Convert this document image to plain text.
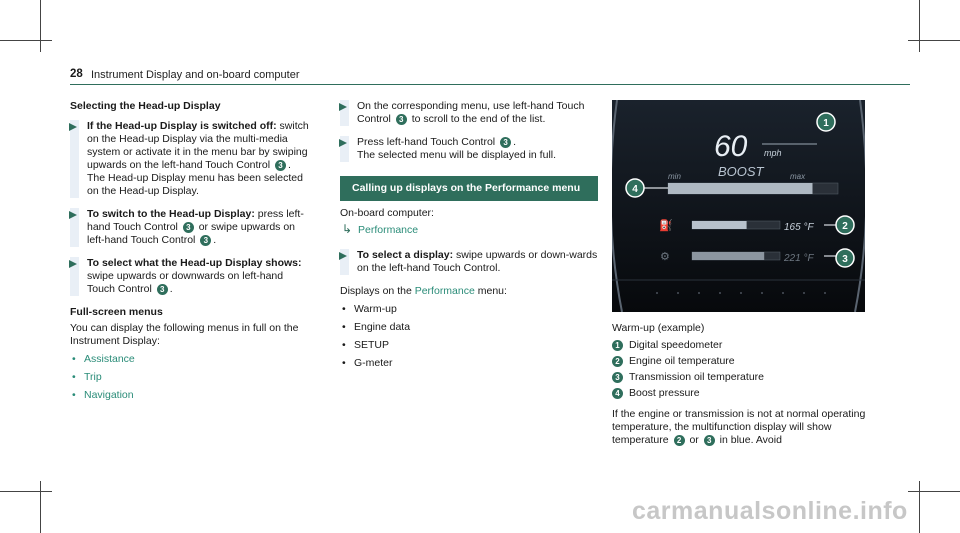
28 Instrument Display and on-board computer
Selecting the Head-up Display

If the Head-up Display is switched off: switch on the Head-up Display via the multi-media system or activate it in the menu bar by swiping upwards on the left-hand Touch Control 3 .

The Head-up Display menu has been selected on the Head-up Display.

To switch to the Head-up Display: press left-hand Touch Control 3 or swipe upwards on left-hand Touch Control 3 .

To select what the Head-up Display shows: swipe upwards or downwards on left-hand Touch Control 3 .

Full-screen menus

You can display the following menus in full on the Instrument Display:

• Assistance
• Trip
• Navigation

On the corresponding menu, use left-hand Touch Control 3 to scroll to the end of the list.

Press left-hand Touch Control 3 .

The selected menu will be displayed in full.

Calling up displays on the Performance menu

On-board computer:

↳ Performance

To select a display: swipe upwards or down-wards on the left-hand Touch Control.

Displays on the Performance menu:

• Warm-up
• Engine data
• SETUP
• G-meter
60 mph
BOOST
min	max
⛽	165 °F
⚙	221 °F
1
2
3
4

Warm-up (example)

1 Digital speedometer
2 Engine oil temperature
3 Transmission oil temperature
4 Boost pressure

If the engine or transmission is not at normal operating temperature, the multifunction display will show temperature 2 or 3 in blue. Avoid

carmanualsonline.info
